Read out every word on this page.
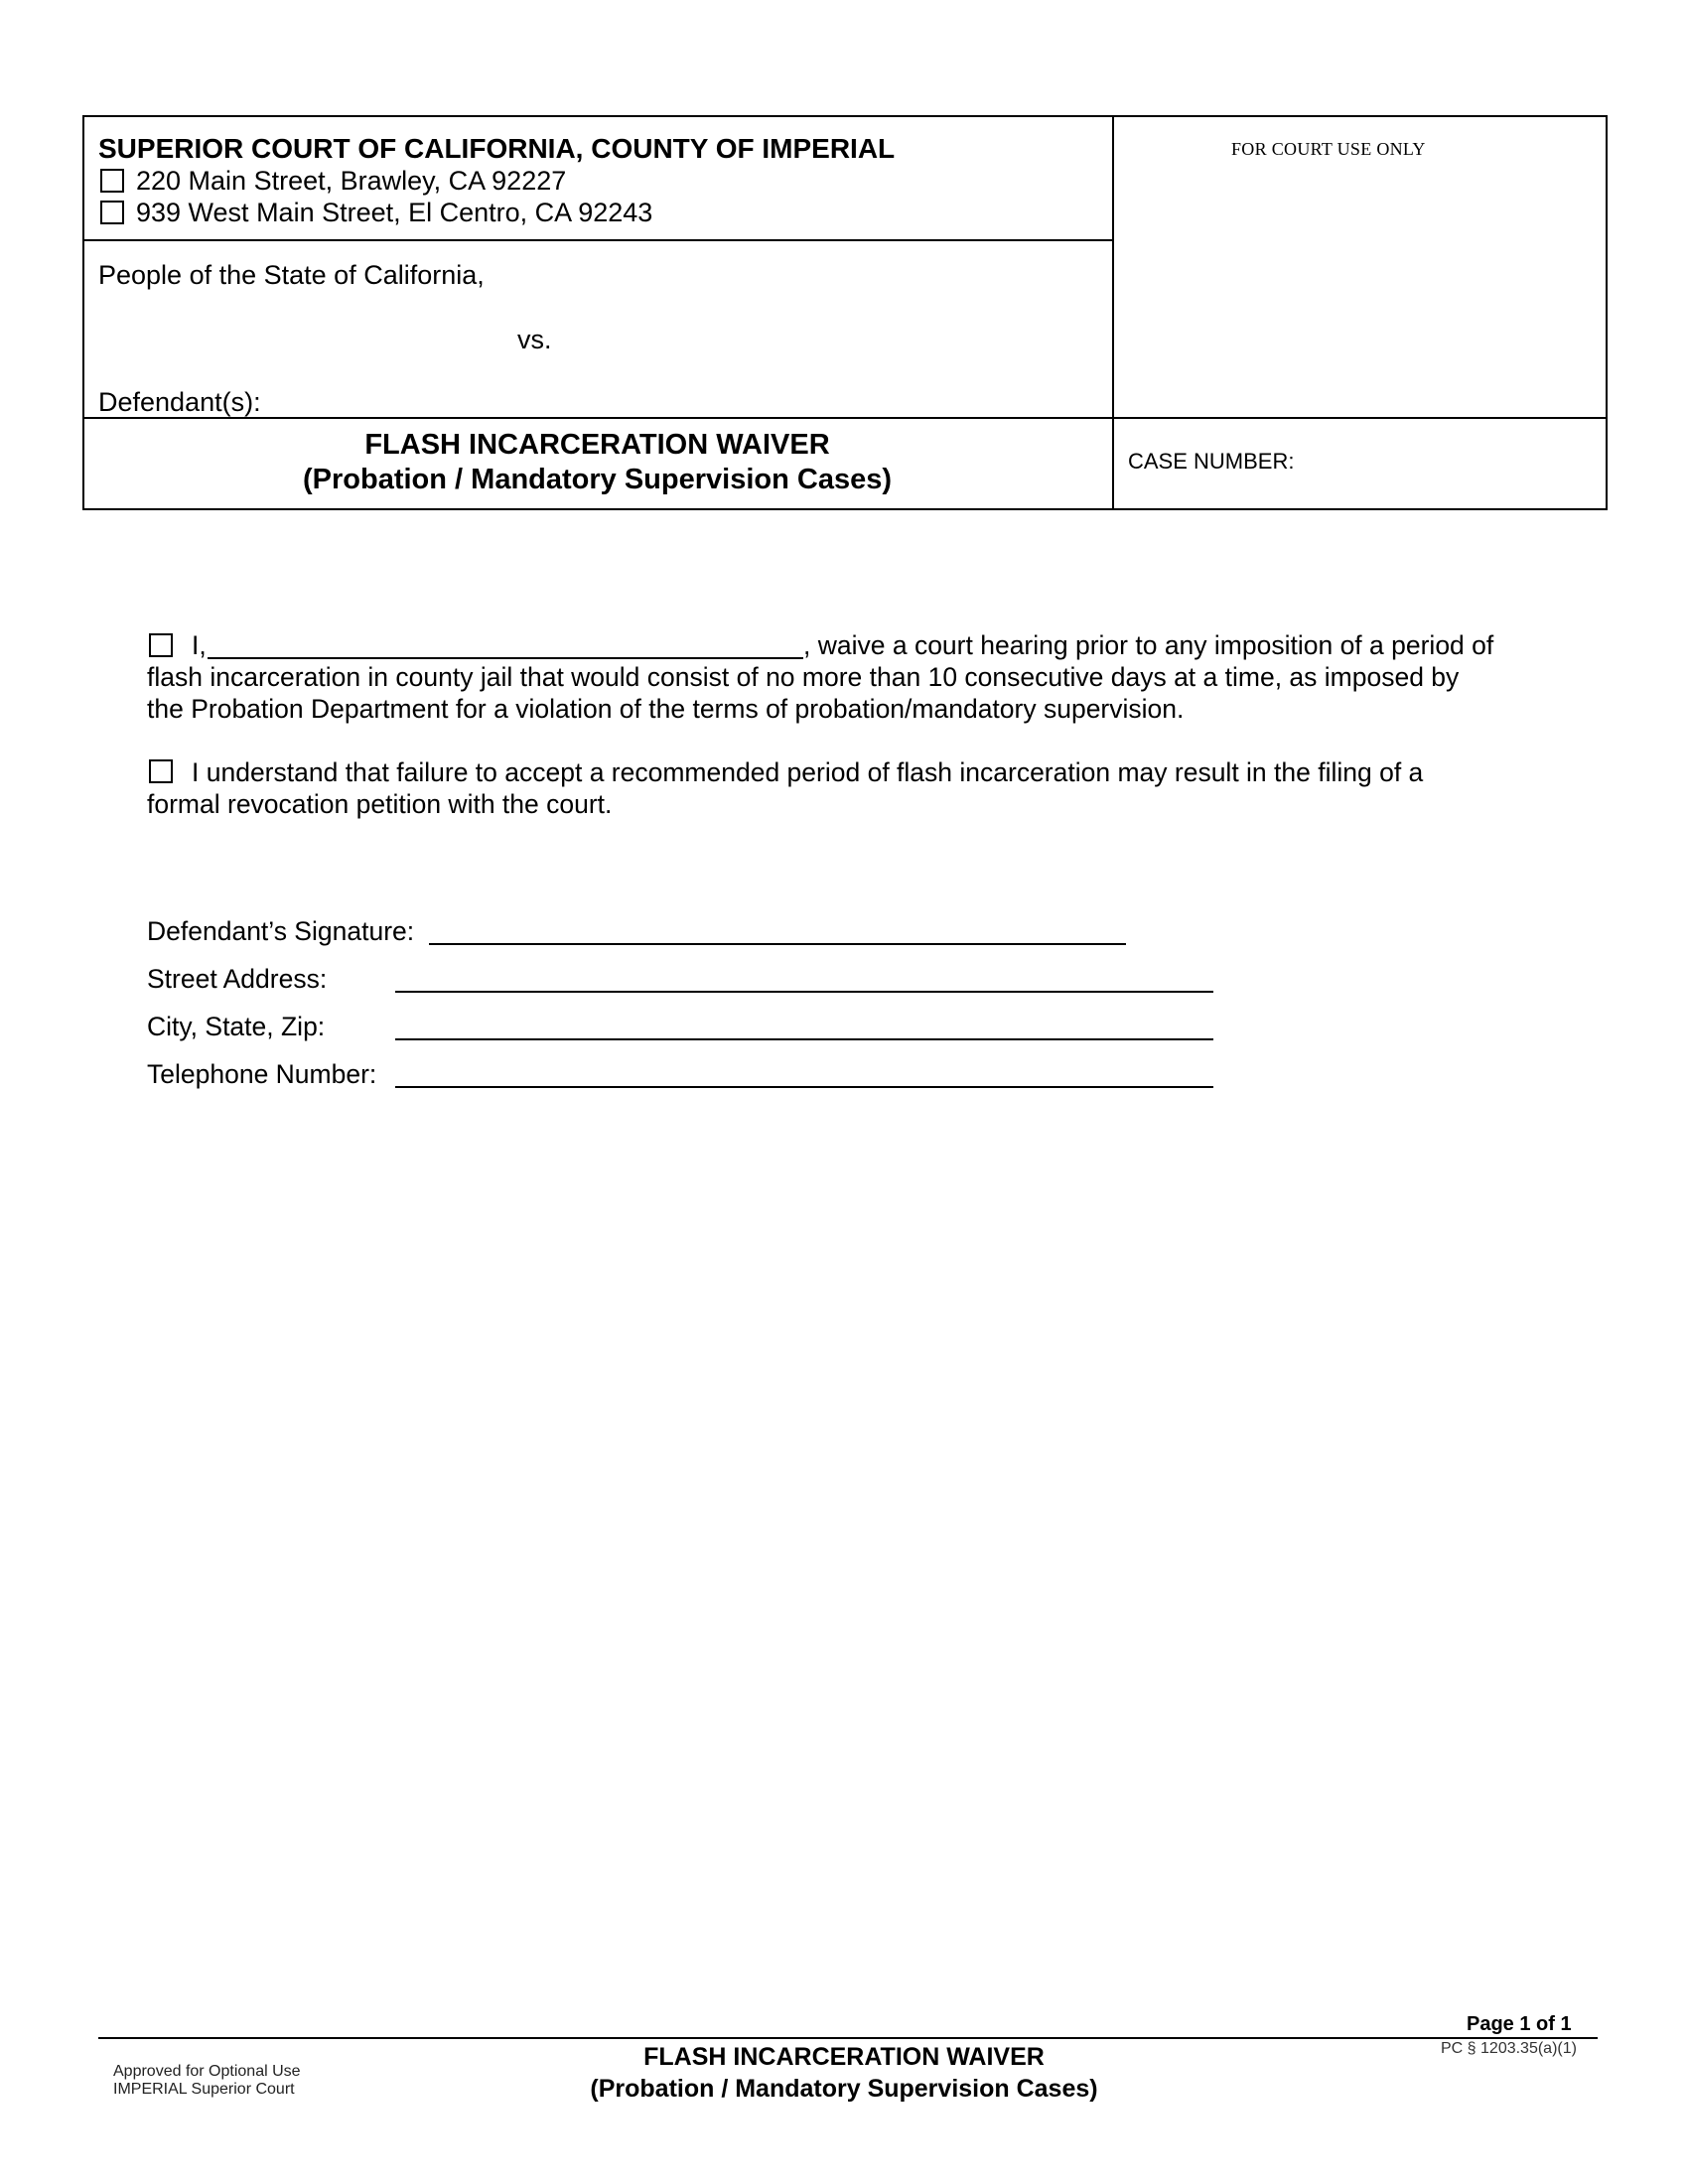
SUPERIOR COURT OF CALIFORNIA, COUNTY OF IMPERIAL
220 Main Street, Brawley, CA 92227
939 West Main Street, El Centro, CA 92243
FOR COURT USE ONLY
People of the State of California,
vs.
Defendant(s):
FLASH INCARCERATION WAIVER
(Probation / Mandatory Supervision Cases)
CASE NUMBER:
I,	, waive a court hearing prior to any imposition of a period of
flash incarceration in county jail that would consist of no more than 10 consecutive days at a time, as imposed by
the Probation Department for a violation of the terms of probation/mandatory supervision.
I understand that failure to accept a recommended period of flash incarceration may result in the filing of a
formal revocation petition with the court.
Defendant’s Signature:
Street Address:
City, State, Zip:
Telephone Number:
Page 1 of 1
PC § 1203.35(a)(1)
Approved for Optional Use
IMPERIAL Superior Court
FLASH INCARCERATION WAIVER
(Probation / Mandatory Supervision Cases)
